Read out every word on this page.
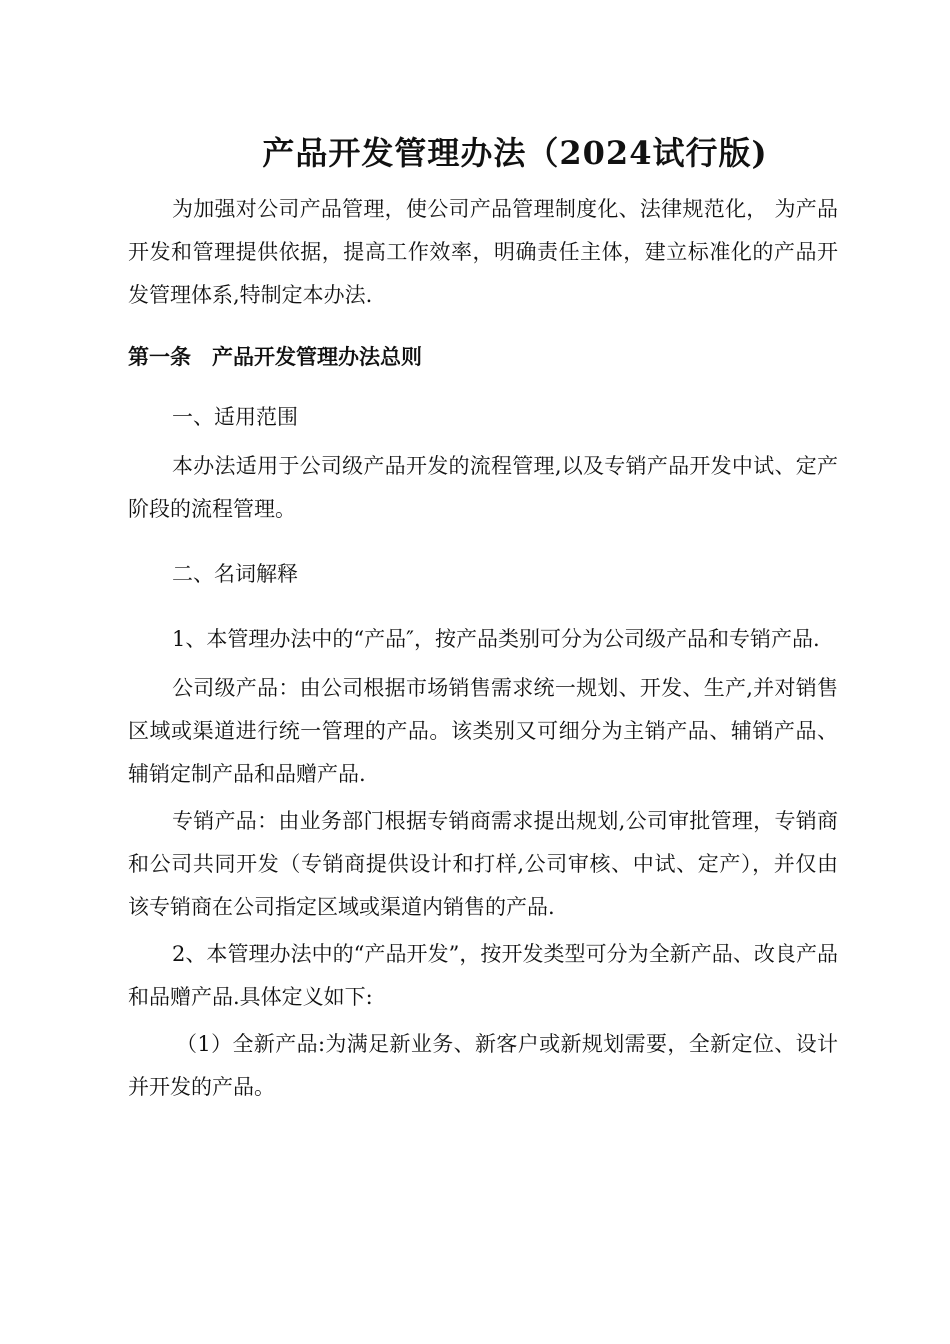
产品开发管理办法（2024试行版)

为加强对公司产品管理，使公司产品管理制度化、法律规范化， 为产品开发和管理提供依据，提高工作效率，明确责任主体，建立标准化的产品开发管理体系,特制定本办法.

第一条　产品开发管理办法总则
一、适用范围

本办法适用于公司级产品开发的流程管理,以及专销产品开发中试、定产阶段的流程管理。

二、名词解释

1、本管理办法中的“产品″，按产品类别可分为公司级产品和专销产品.

公司级产品：由公司根据市场销售需求统一规划、开发、生产,并对销售区域或渠道进行统一管理的产品。该类别又可细分为主销产品、辅销产品、辅销定制产品和品赠产品.

专销产品：由业务部门根据专销商需求提出规划,公司审批管理，专销商和公司共同开发（专销商提供设计和打样,公司审核、中试、定产），并仅由该专销商在公司指定区域或渠道内销售的产品.

2、本管理办法中的“产品开发”，按开发类型可分为全新产品、改良产品和品赠产品.具体定义如下:

（1）全新产品:为满足新业务、新客户或新规划需要，全新定位、设计并开发的产品。
